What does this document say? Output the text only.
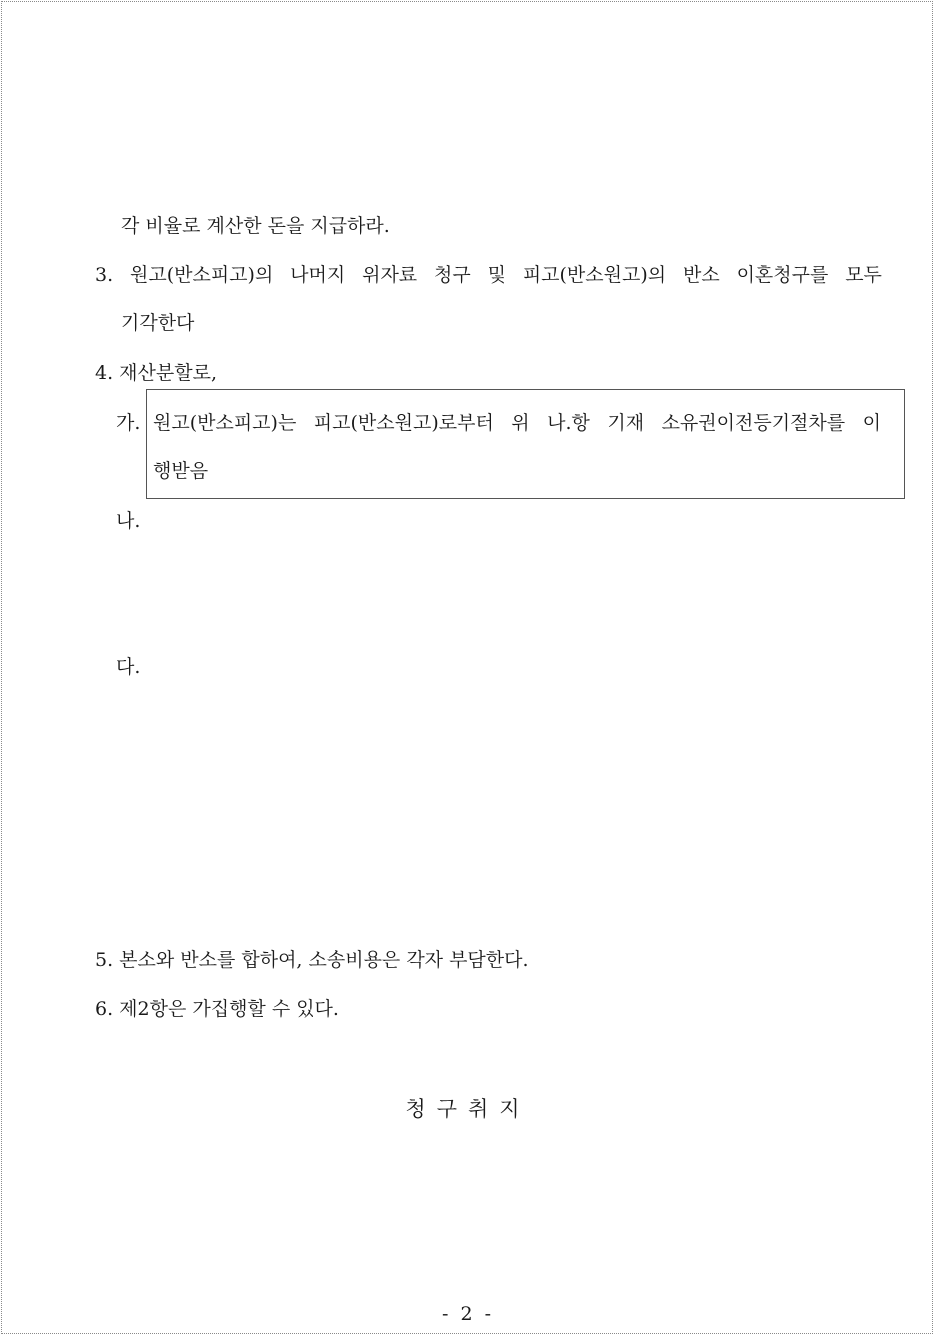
각 비율로 계산한 돈을 지급하라.
3. 원고(반소피고)의 나머지 위자료 청구 및 피고(반소원고)의 반소 이혼청구를 모두
기각한다
4. 재산분할로,
가. 원고(반소피고)는 피고(반소원고)로부터 위 나.항 기재 소유권이전등기절차를 이
행받음
나.
다.
5. 본소와 반소를 합하여, 소송비용은 각자 부담한다.
6. 제2항은 가집행할 수 있다.
청구취지
- 2 -
